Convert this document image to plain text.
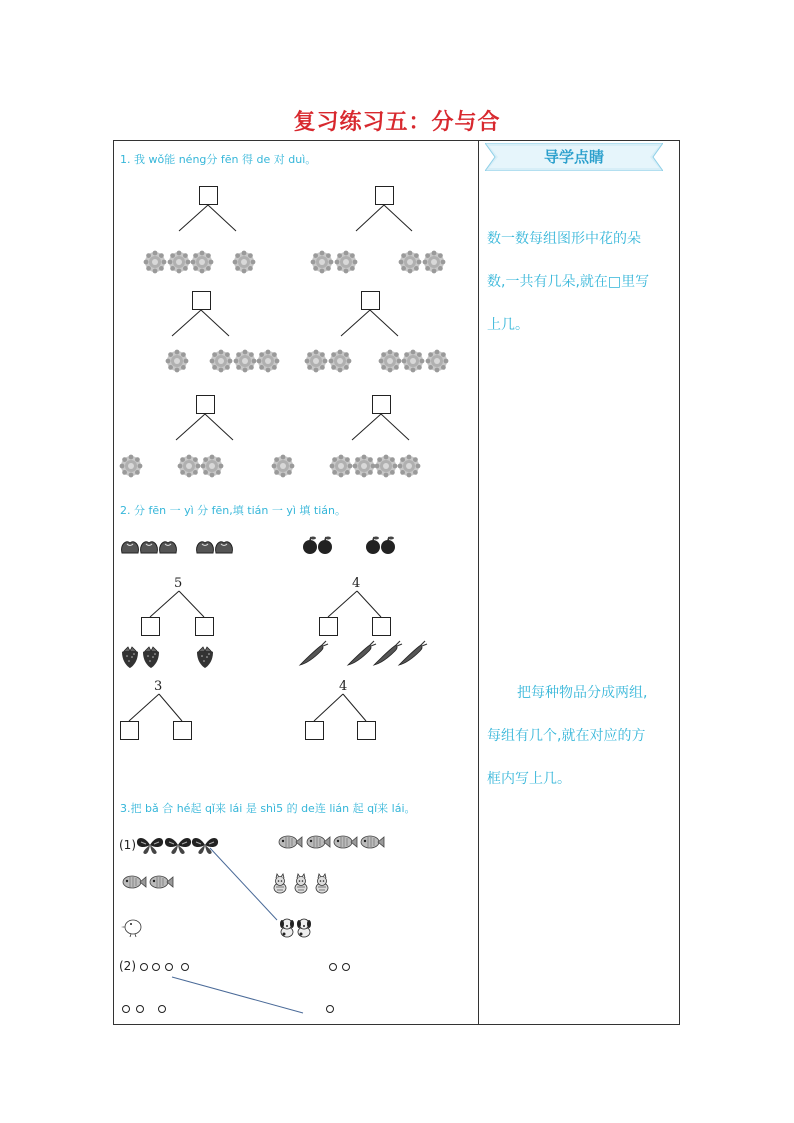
复习练习五：分与合
导学点睛
数一数每组图形中花的朵
数,一共有几朵,就在□里写
上几。
把每种物品分成两组,
每组有几个,就在对应的方
框内写上几。
1. 我 wǒ能 néng分 fēn 得 de 对 duì。
2. 分 fēn 一 yì 分 fēn,填 tián 一 yì 填 tián。
5	4
3	4
3.把 bǎ 合 hé起 qǐ来 lái 是 shì5 的 de连 lián 起 qǐ来 lái。
(1)
(2)
